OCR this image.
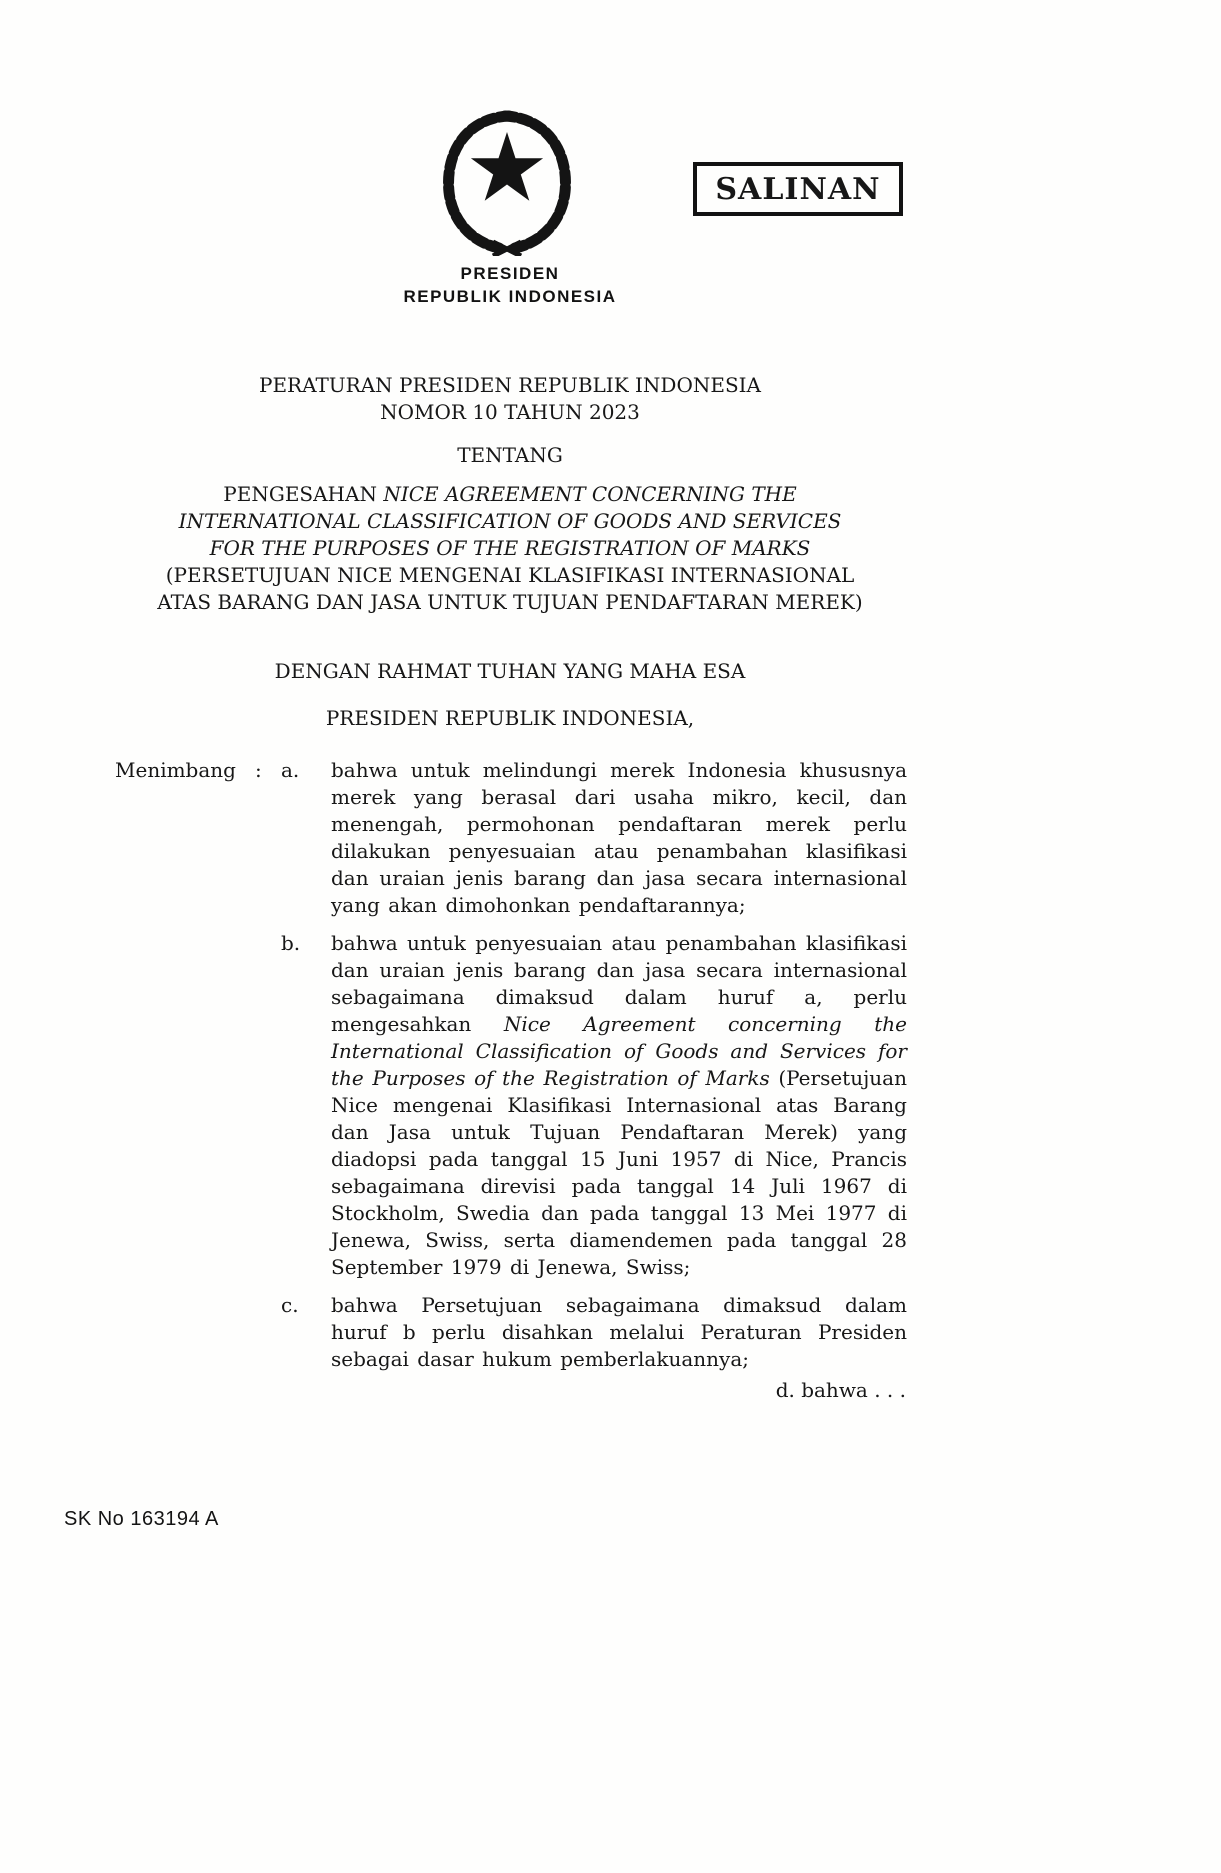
SALINAN
PRESIDEN
REPUBLIK INDONESIA
PERATURAN PRESIDEN REPUBLIK INDONESIA
NOMOR 10 TAHUN 2023
TENTANG
PENGESAHAN NICE AGREEMENT CONCERNING THE INTERNATIONAL CLASSIFICATION OF GOODS AND SERVICES FOR THE PURPOSES OF THE REGISTRATION OF MARKS (PERSETUJUAN NICE MENGENAI KLASIFIKASI INTERNASIONAL ATAS BARANG DAN JASA UNTUK TUJUAN PENDAFTARAN MEREK)
DENGAN RAHMAT TUHAN YANG MAHA ESA
PRESIDEN REPUBLIK INDONESIA,
Menimbang : a.	bahwa untuk melindungi merek Indonesia khususnya merek yang berasal dari usaha mikro, kecil, dan menengah, permohonan pendaftaran merek perlu dilakukan penyesuaian atau penambahan klasifikasi dan uraian jenis barang dan jasa secara internasional yang akan dimohonkan pendaftarannya;
b.	bahwa untuk penyesuaian atau penambahan klasifikasi dan uraian jenis barang dan jasa secara internasional sebagaimana dimaksud dalam huruf a, perlu mengesahkan Nice Agreement concerning the International Classification of Goods and Services for the Purposes of the Registration of Marks (Persetujuan Nice mengenai Klasifikasi Internasional atas Barang dan Jasa untuk Tujuan Pendaftaran Merek) yang diadopsi pada tanggal 15 Juni 1957 di Nice, Prancis sebagaimana direvisi pada tanggal 14 Juli 1967 di Stockholm, Swedia dan pada tanggal 13 Mei 1977 di Jenewa, Swiss, serta diamendemen pada tanggal 28 September 1979 di Jenewa, Swiss;
c.	bahwa Persetujuan sebagaimana dimaksud dalam huruf b perlu disahkan melalui Peraturan Presiden sebagai dasar hukum pemberlakuannya;
d. bahwa . . .
SK No 163194 A
